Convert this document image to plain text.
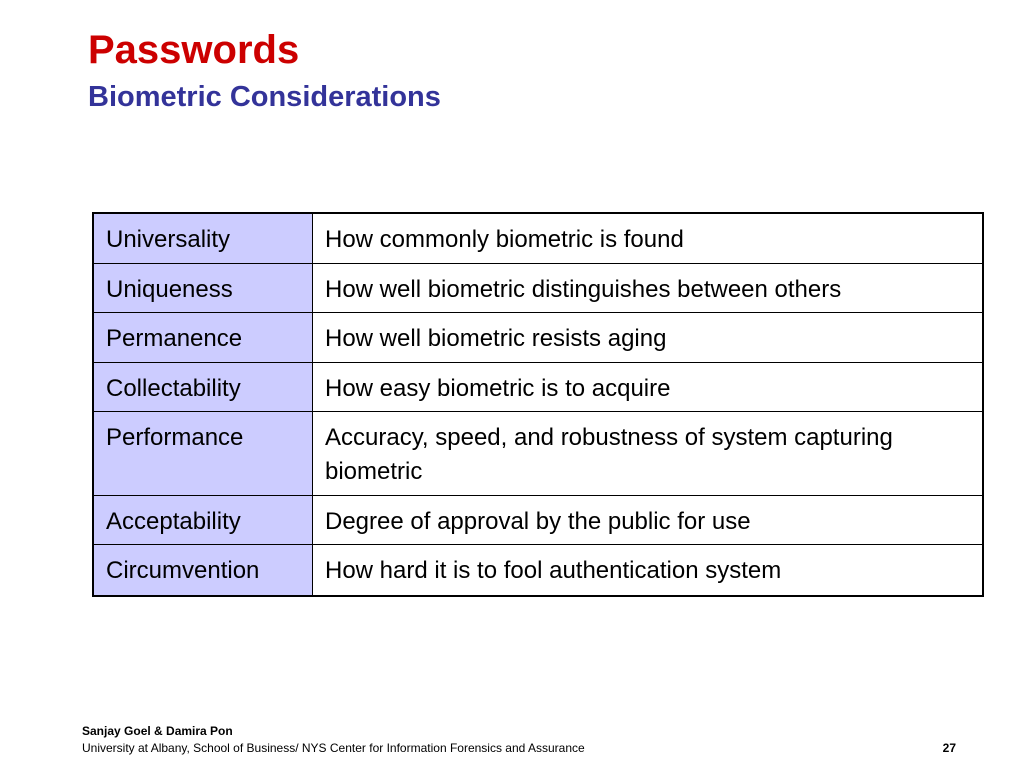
Passwords
Biometric Considerations
Universality	How commonly biometric is found
Uniqueness	How well biometric distinguishes between others
Permanence	How well biometric resists aging
Collectability	How easy biometric is to acquire
Performance	Accuracy, speed, and robustness of system capturing biometric
Acceptability	Degree of approval by the public for use
Circumvention	How hard it is to fool authentication system
Sanjay Goel & Damira Pon
University at Albany, School of Business/ NYS Center for Information Forensics and Assurance	27
